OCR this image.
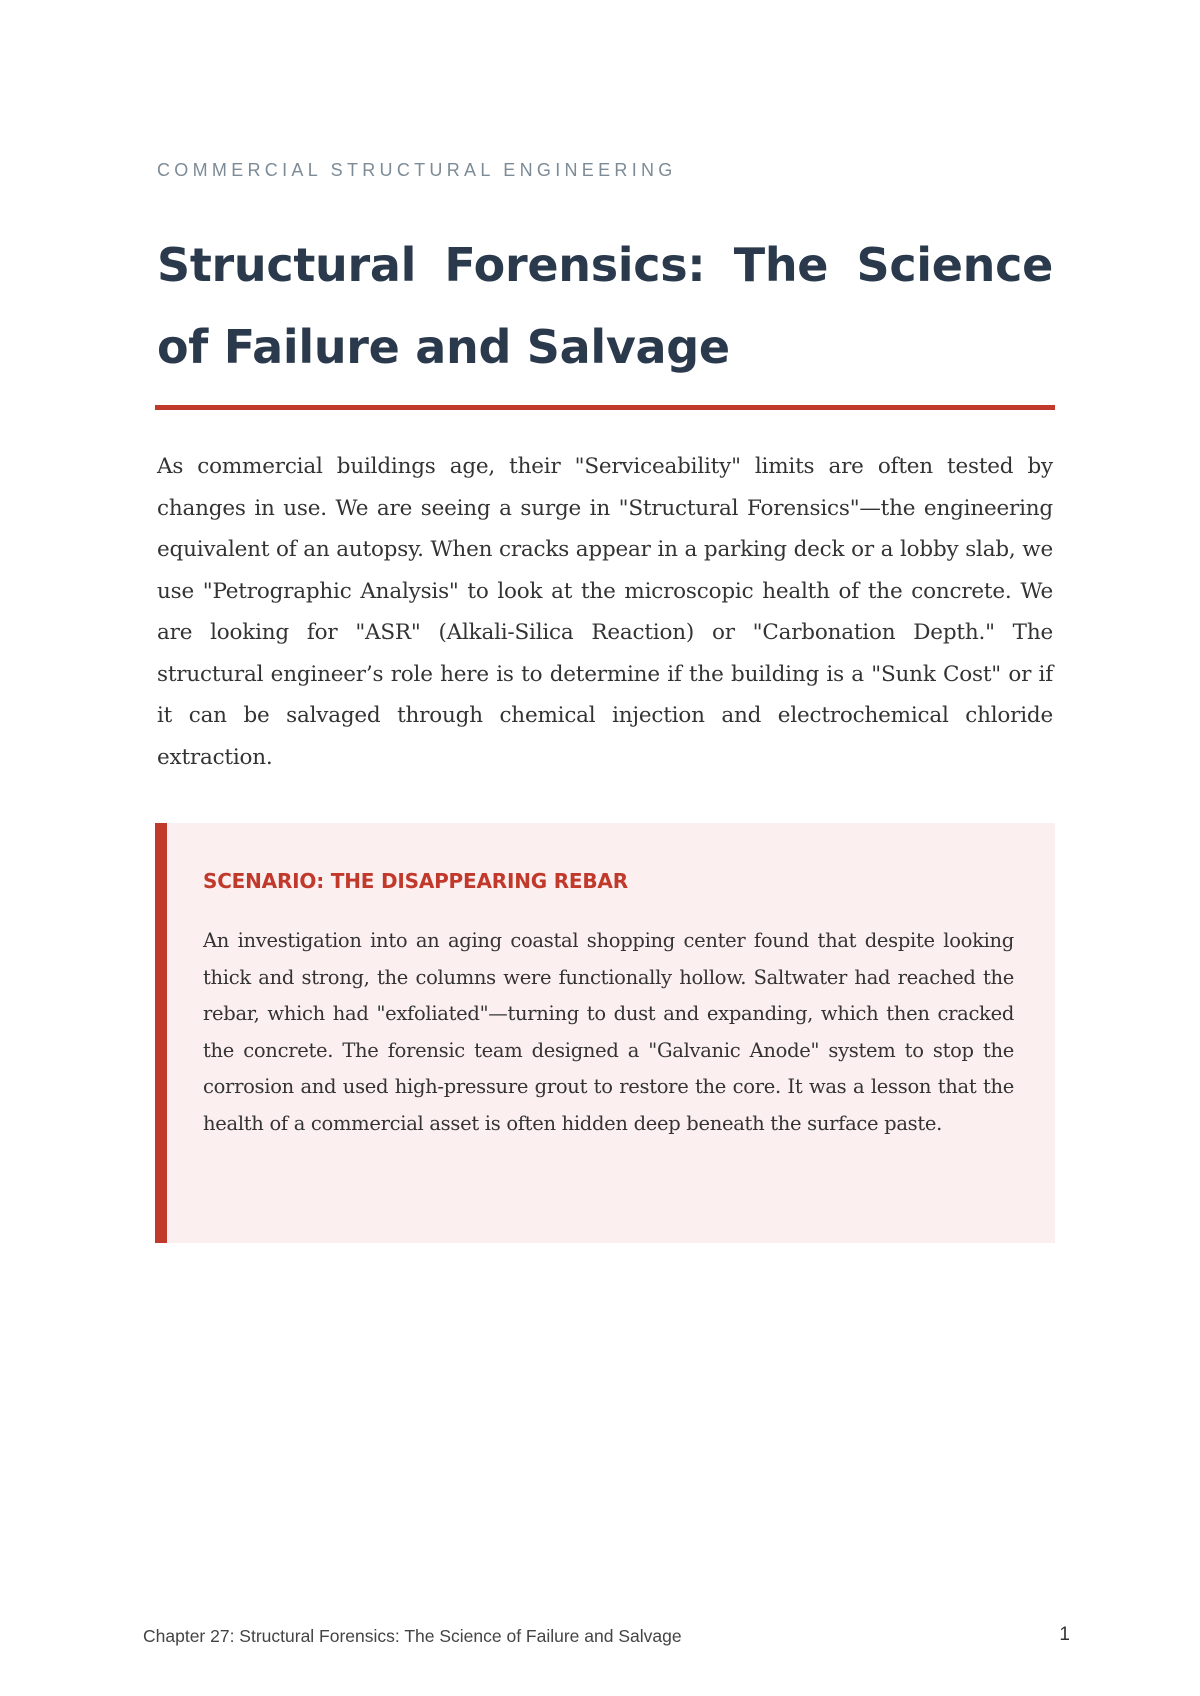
COMMERCIAL STRUCTURAL ENGINEERING
Structural Forensics: The Science of Failure and Salvage

As commercial buildings age, their "Serviceability" limits are often tested by changes in use. We are seeing a surge in "Structural Forensics"—the engineering equivalent of an autopsy. When cracks appear in a parking deck or a lobby slab, we use "Petrographic Analysis" to look at the microscopic health of the concrete. We are looking for "ASR" (Alkali-Silica Reaction) or "Carbonation Depth." The structural engineer’s role here is to determine if the building is a "Sunk Cost" or if it can be salvaged through chemical injection and electrochemical chloride extraction.

SCENARIO: THE DISAPPEARING REBAR

An investigation into an aging coastal shopping center found that despite looking thick and strong, the columns were functionally hollow. Saltwater had reached the rebar, which had "exfoliated"—turning to dust and expanding, which then cracked the concrete. The forensic team designed a "Galvanic Anode" system to stop the corrosion and used high-pressure grout to restore the core. It was a lesson that the health of a commercial asset is often hidden deep beneath the surface paste.

Chapter 27: Structural Forensics: The Science of Failure and Salvage	1
